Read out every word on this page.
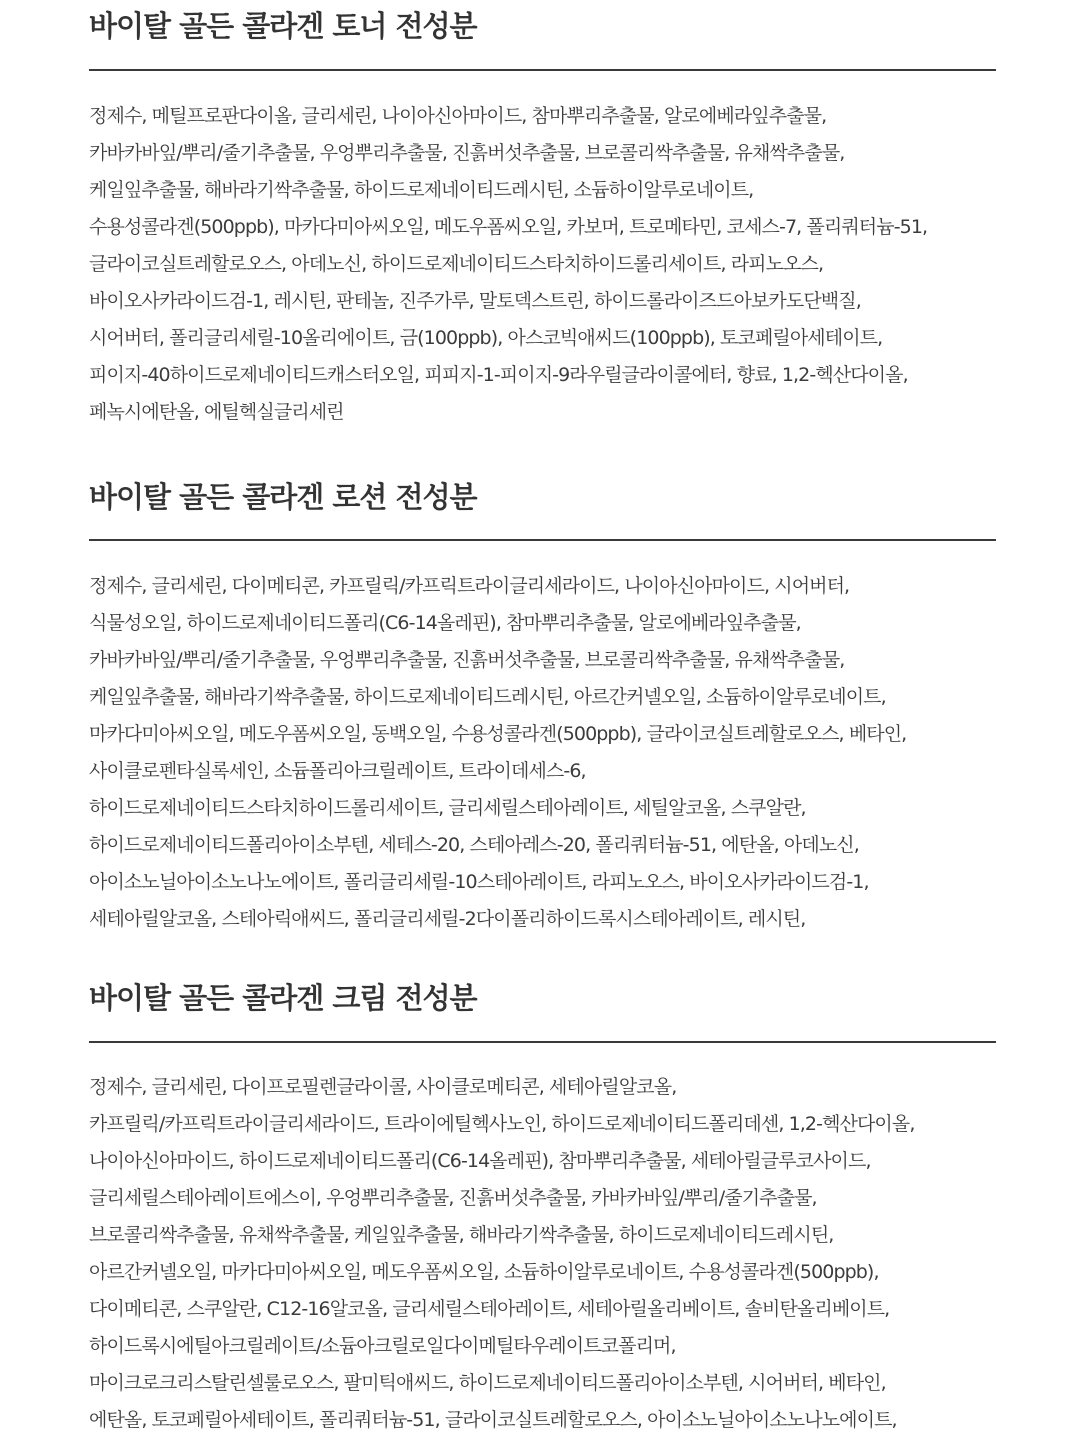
바이탈 골든 콜라겐 토너 전성분
정제수, 메틸프로판다이올, 글리세린, 나이아신아마이드, 참마뿌리추출물, 알로에베라잎추출물,
카바카바잎/뿌리/줄기추출물, 우엉뿌리추출물, 진흙버섯추출물, 브로콜리싹추출물, 유채싹추출물,
케일잎추출물, 해바라기싹추출물, 하이드로제네이티드레시틴, 소듐하이알루로네이트,
수용성콜라겐(500ppb), 마카다미아씨오일, 메도우폼씨오일, 카보머, 트로메타민, 코세스-7, 폴리쿼터늄-51,
글라이코실트레할로오스, 아데노신, 하이드로제네이티드스타치하이드롤리세이트, 라피노오스,
바이오사카라이드검-1, 레시틴, 판테놀, 진주가루, 말토덱스트린, 하이드롤라이즈드아보카도단백질,
시어버터, 폴리글리세릴-10올리에이트, 금(100ppb), 아스코빅애씨드(100ppb), 토코페릴아세테이트,
피이지-40하이드로제네이티드캐스터오일, 피피지-1-피이지-9라우릴글라이콜에터, 향료, 1,2-헥산다이올,
페녹시에탄올, 에틸헥실글리세린
바이탈 골든 콜라겐 로션 전성분
정제수, 글리세린, 다이메티콘, 카프릴릭/카프릭트라이글리세라이드, 나이아신아마이드, 시어버터,
식물성오일, 하이드로제네이티드폴리(C6-14올레핀), 참마뿌리추출물, 알로에베라잎추출물,
카바카바잎/뿌리/줄기추출물, 우엉뿌리추출물, 진흙버섯추출물, 브로콜리싹추출물, 유채싹추출물,
케일잎추출물, 해바라기싹추출물, 하이드로제네이티드레시틴, 아르간커넬오일, 소듐하이알루로네이트,
마카다미아씨오일, 메도우폼씨오일, 동백오일, 수용성콜라겐(500ppb), 글라이코실트레할로오스, 베타인,
사이클로펜타실록세인, 소듐폴리아크릴레이트, 트라이데세스-6,
하이드로제네이티드스타치하이드롤리세이트, 글리세릴스테아레이트, 세틸알코올, 스쿠알란,
하이드로제네이티드폴리아이소부텐, 세테스-20, 스테아레스-20, 폴리쿼터늄-51, 에탄올, 아데노신,
아이소노닐아이소노나노에이트, 폴리글리세릴-10스테아레이트, 라피노오스, 바이오사카라이드검-1,
세테아릴알코올, 스테아릭애씨드, 폴리글리세릴-2다이폴리하이드록시스테아레이트, 레시틴,
바이탈 골든 콜라겐 크림 전성분
정제수, 글리세린, 다이프로필렌글라이콜, 사이클로메티콘, 세테아릴알코올,
카프릴릭/카프릭트라이글리세라이드, 트라이에틸헥사노인, 하이드로제네이티드폴리데센, 1,2-헥산다이올,
나이아신아마이드, 하이드로제네이티드폴리(C6-14올레핀), 참마뿌리추출물, 세테아릴글루코사이드,
글리세릴스테아레이트에스이, 우엉뿌리추출물, 진흙버섯추출물, 카바카바잎/뿌리/줄기추출물,
브로콜리싹추출물, 유채싹추출물, 케일잎추출물, 해바라기싹추출물, 하이드로제네이티드레시틴,
아르간커넬오일, 마카다미아씨오일, 메도우폼씨오일, 소듐하이알루로네이트, 수용성콜라겐(500ppb),
다이메티콘, 스쿠알란, C12-16알코올, 글리세릴스테아레이트, 세테아릴올리베이트, 솔비탄올리베이트,
하이드록시에틸아크릴레이트/소듐아크릴로일다이메틸타우레이트코폴리머,
마이크로크리스탈린셀룰로오스, 팔미틱애씨드, 하이드로제네이티드폴리아이소부텐, 시어버터, 베타인,
에탄올, 토코페릴아세테이트, 폴리쿼터늄-51, 글라이코실트레할로오스, 아이소노닐아이소노나노에이트,
